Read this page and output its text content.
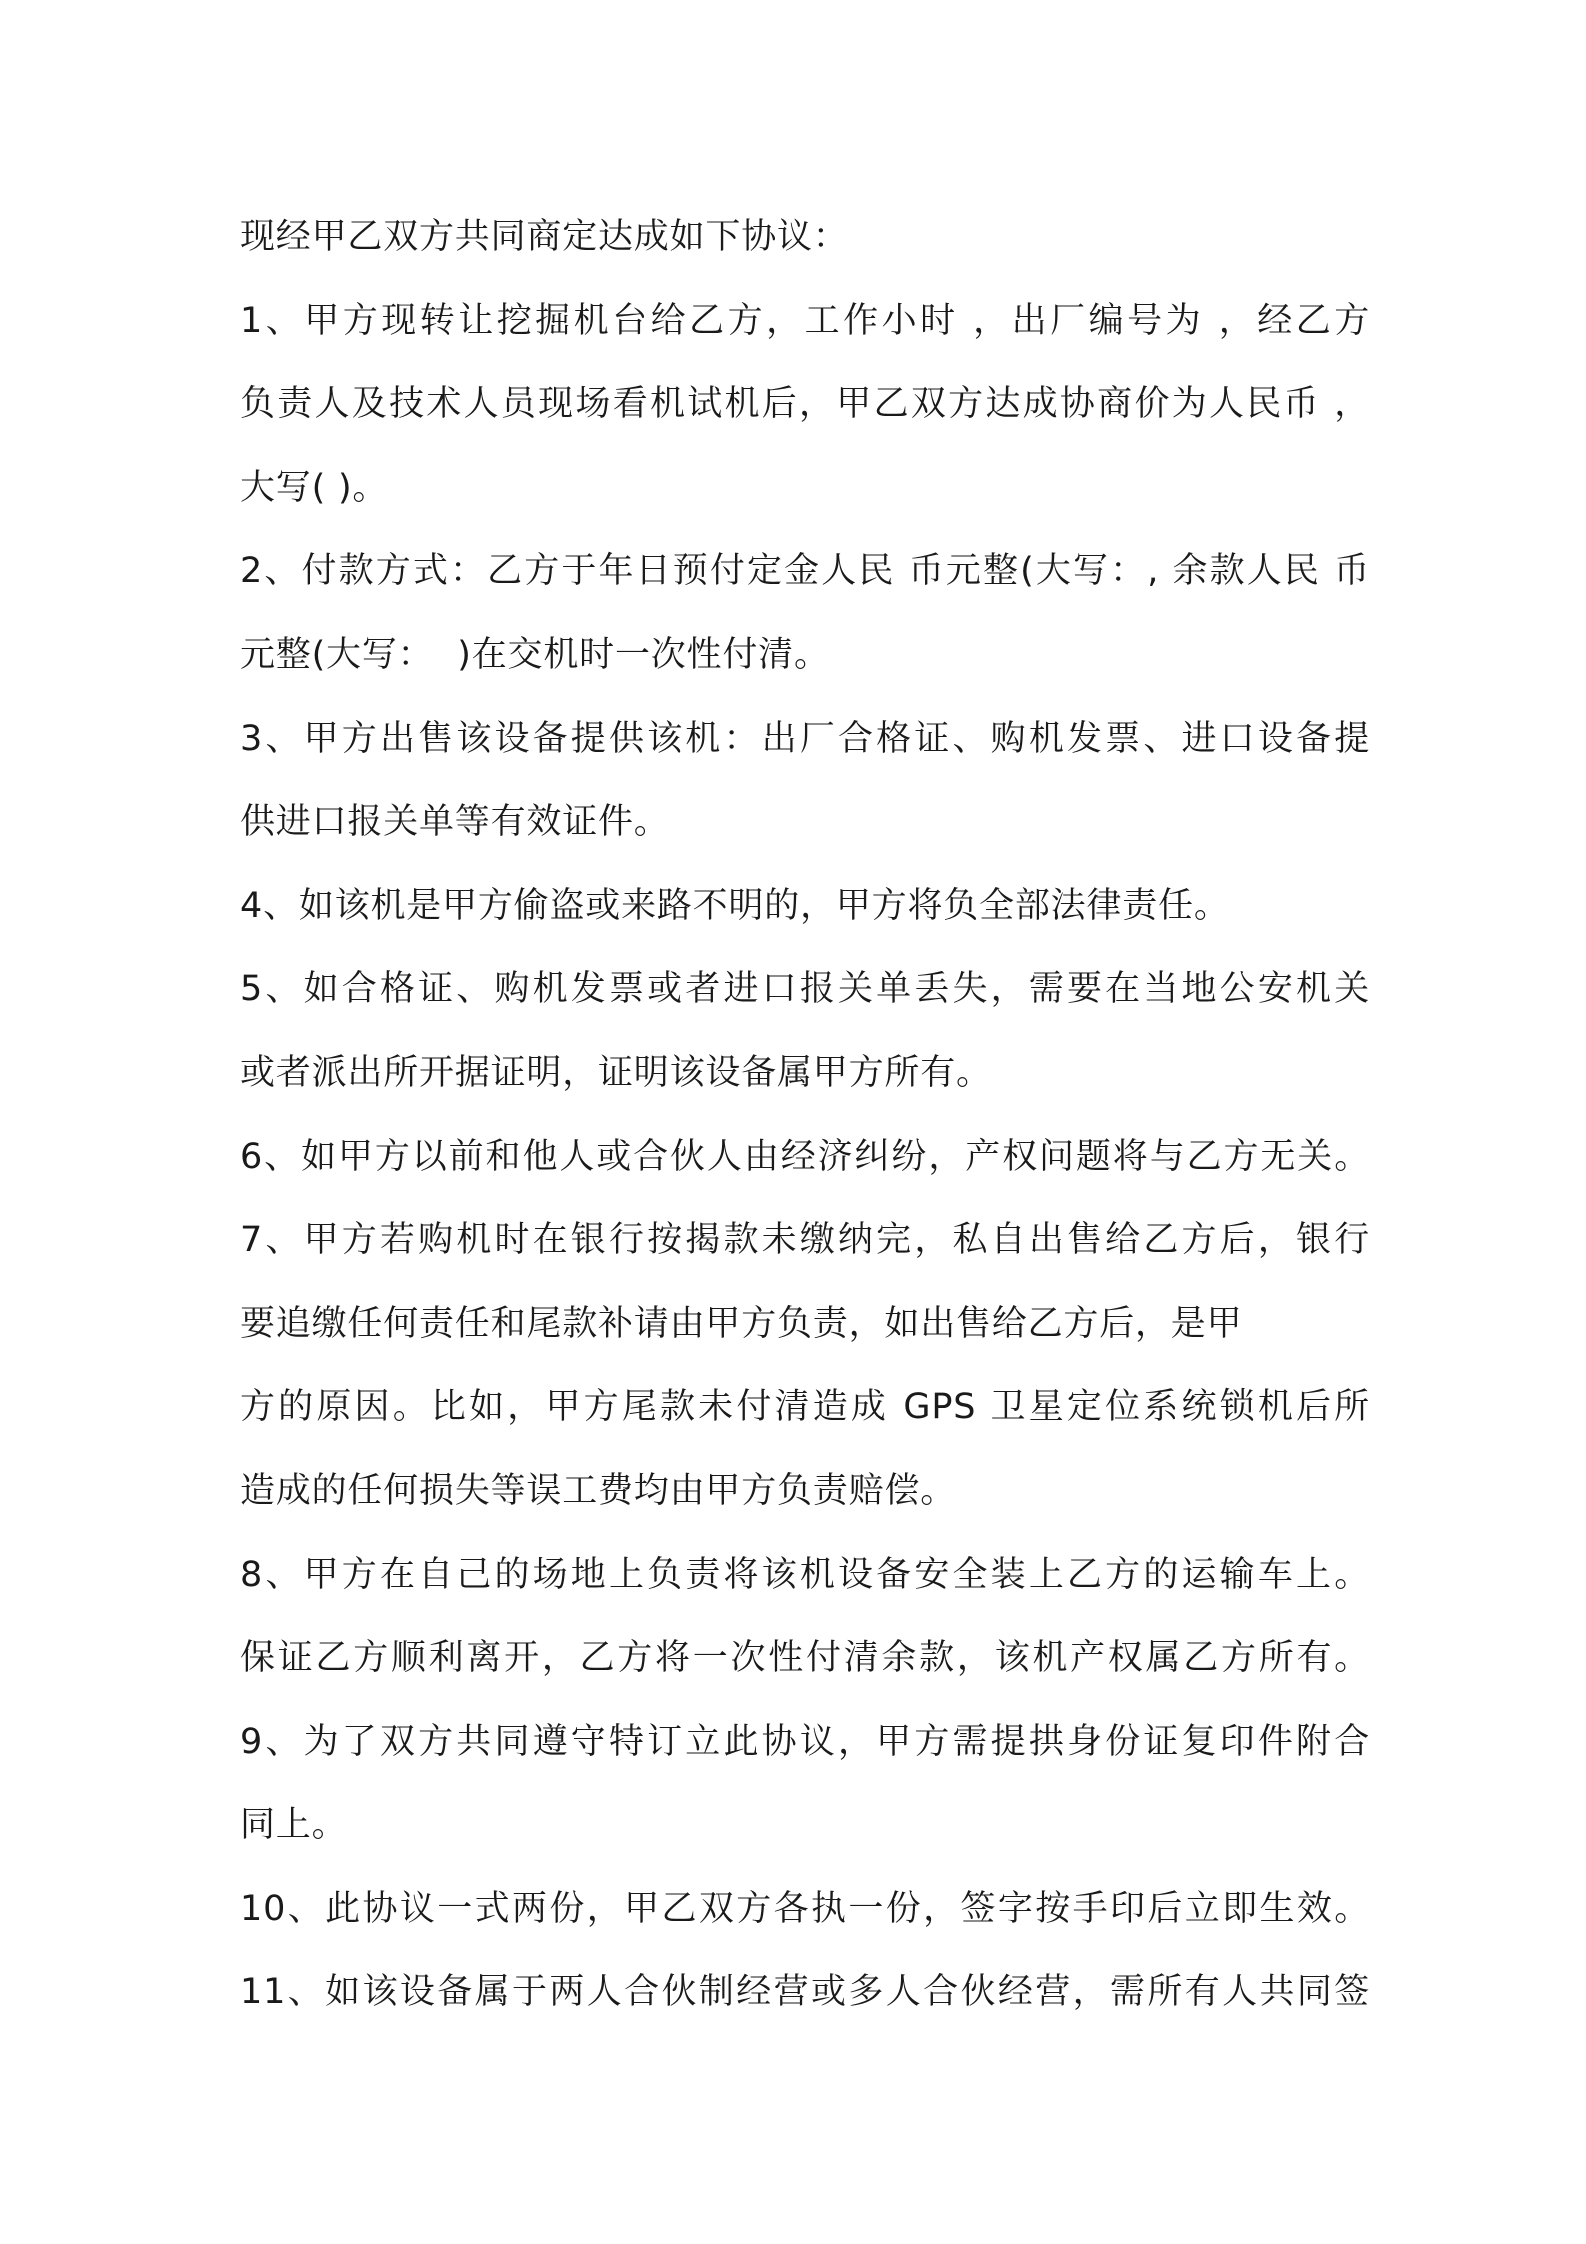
现经甲乙双方共同商定达成如下协议：
1、甲方现转让挖掘机台给乙方，工作小时 ，出厂编号为 ，经乙方
负责人及技术人员现场看机试机后，甲乙双方达成协商价为人民币 ，
大写( )。
2、付款方式：乙方于年日预付定金人民 币元整(大写：, 余款人民 币
元整(大写：  )在交机时一次性付清。
3、甲方出售该设备提供该机：出厂合格证、购机发票、进口设备提
供进口报关单等有效证件。
4、如该机是甲方偷盗或来路不明的，甲方将负全部法律责任。
5、如合格证、购机发票或者进口报关单丢失，需要在当地公安机关
或者派出所开据证明，证明该设备属甲方所有。
6、如甲方以前和他人或合伙人由经济纠纷，产权问题将与乙方无关。
7、甲方若购机时在银行按揭款未缴纳完，私自出售给乙方后，银行
要追缴任何责任和尾款补请由甲方负责，如出售给乙方后，是甲
方的原因。比如，甲方尾款未付清造成 GPS 卫星定位系统锁机后所
造成的任何损失等误工费均由甲方负责赔偿。
8、甲方在自己的场地上负责将该机设备安全装上乙方的运输车上。
保证乙方顺利离开，乙方将一次性付清余款，该机产权属乙方所有。
9、为了双方共同遵守特订立此协议，甲方需提拱身份证复印件附合
同上。
10、此协议一式两份，甲乙双方各执一份，签字按手印后立即生效。
11、如该设备属于两人合伙制经营或多人合伙经营，需所有人共同签
